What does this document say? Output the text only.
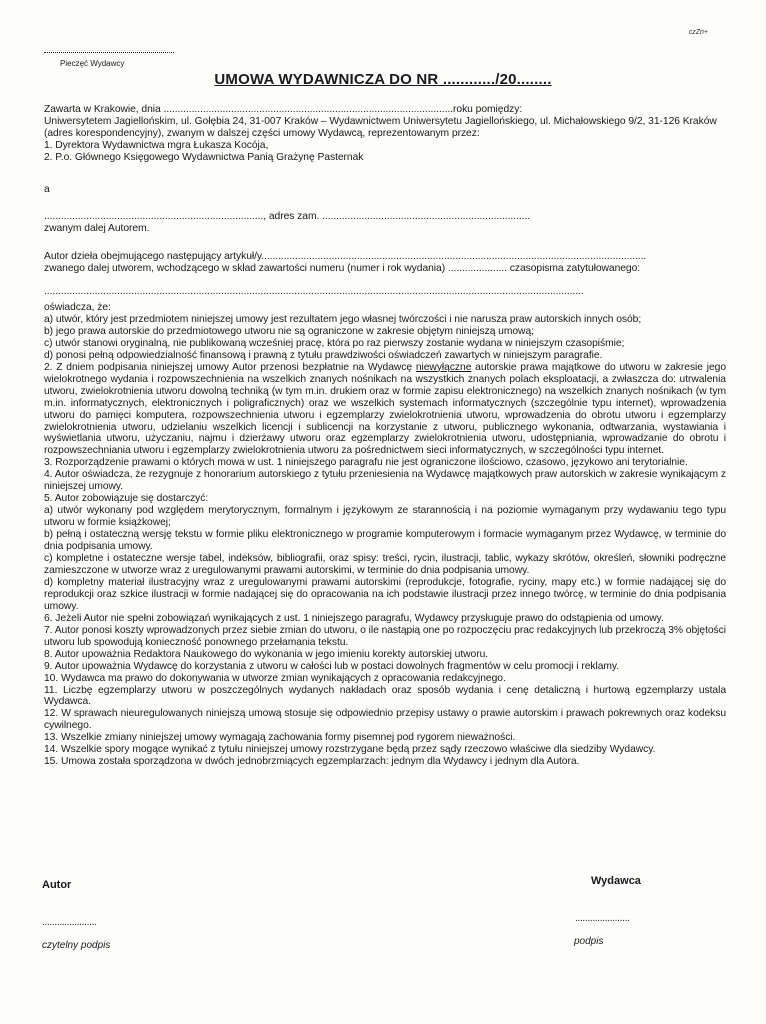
czZn+
Pieczęć Wydawcy
UMOWA WYDAWNICZA DO NR ............/20........

Zawarta w Krakowie, dnia .......................................................................................................roku pomiędzy:

Uniwersytetem Jagiellońskim, ul. Gołębia 24, 31-007 Kraków – Wydawnictwem Uniwersytetu Jagiellońskiego, ul. Michałowskiego 9/2, 31-126 Kraków (adres korespondencyjny), zwanym w dalszej części umowy Wydawcą, reprezentowanym przez:

1. Dyrektora Wydawnictwa mgra Łukasza Kocója,

2. P.o. Głównego Księgowego Wydawnictwa Panią Grażynę Pasternak

a

.............................................................................., adres zam. ..........................................................................

zwanym dalej Autorem.

Autor dzieła obejmującego następujący artykuł/y.........................................................................................................................................

zwanego dalej utworem, wchodzącego w skład zawartości numeru (numer i rok wydania) ..................... czasopisma zatytułowanego:

................................................................................................................................................................................................

oświadcza, że:

a) utwór, który jest przedmiotem niniejszej umowy jest rezultatem jego własnej twórczości i nie narusza praw autorskich innych osób;

b) jego prawa autorskie do przedmiotowego utworu nie są ograniczone w zakresie objętym niniejszą umową;

c) utwór stanowi oryginalną, nie publikowaną wcześniej pracę, która po raz pierwszy zostanie wydana w niniejszym czasopiśmie;

d) ponosi pełną odpowiedzialność finansową i prawną z tytułu prawdziwości oświadczeń zawartych w niniejszym paragrafie.

2. Z dniem podpisania niniejszej umowy Autor przenosi bezpłatnie na Wydawcę niewyłączne autorskie prawa majątkowe do utworu w zakresie jego wielokrotnego wydania i rozpowszechnienia na wszelkich znanych nośnikach na wszystkich znanych polach eksploatacji, a zwłaszcza do: utrwalenia utworu, zwielokrotnienia utworu dowolną techniką (w tym m.in. drukiem oraz w formie zapisu elektronicznego) na wszelkich znanych nośnikach (w tym m.in. informatycznych, elektronicznych i poligraficznych) oraz we wszelkich systemach informatycznych (szczególnie typu internet), wprowadzenia utworu do pamięci komputera, rozpowszechnienia utworu i egzemplarzy zwielokrotnienia utworu, wprowadzenia do obrotu utworu i egzemplarzy zwielokrotnienia utworu, udzielaniu wszelkich licencji i sublicencji na korzystanie z utworu, publicznego wykonania, odtwarzania, wystawiania i wyświetlania utworu, użyczaniu, najmu i dzierżawy utworu oraz egzemplarzy zwielokrotnienia utworu, udostępniania, wprowadzanie do obrotu i rozpowszechniania utworu i egzemplarzy zwielokrotnienia utworu za pośrednictwem sieci informatycznych, w szczególności typu internet.

3. Rozporządzenie prawami o których mowa w ust. 1 niniejszego paragrafu nie jest ograniczone ilościowo, czasowo, językowo ani terytorialnie.

4. Autor oświadcza, że rezygnuje z honorarium autorskiego z tytułu przeniesienia na Wydawcę majątkowych praw autorskich w zakresie wynikającym z niniejszej umowy.

5. Autor zobowiązuje się dostarczyć:

a) utwór wykonany pod względem merytorycznym, formalnym i językowym ze starannością i na poziomie wymaganym przy wydawaniu tego typu utworu w formie książkowej;

b) pełną i ostateczną wersję tekstu w formie pliku elektronicznego w programie komputerowym i formacie wymaganym przez Wydawcę, w terminie do dnia podpisania umowy.

c) kompletne i ostateczne wersje tabel, indeksów, bibliografii, oraz spisy: treści, rycin, ilustracji, tablic, wykazy skrótów, określeń, słowniki podręczne zamieszczone w utworze wraz z uregulowanymi prawami autorskimi, w terminie do dnia podpisania umowy.

d) kompletny materiał ilustracyjny wraz z uregulowanymi prawami autorskimi (reprodukcje, fotografie, ryciny, mapy etc.) w formie nadającej się do reprodukcji oraz szkice ilustracji w formie nadającej się do opracowania na ich podstawie ilustracji przez innego twórcę, w terminie do dnia podpisania umowy.

6. Jeżeli Autor nie spełni zobowiązań wynikających z ust. 1 niniejszego paragrafu, Wydawcy przysługuje prawo do odstąpienia od umowy.

7. Autor ponosi koszty wprowadzonych przez siebie zmian do utworu, o ile nastąpią one po rozpoczęciu prac redakcyjnych lub przekroczą 3% objętości utworu lub spowodują konieczność ponownego przełamania tekstu.

8. Autor upoważnia Redaktora Naukowego do wykonania w jego imieniu korekty autorskiej utworu.

9. Autor upoważnia Wydawcę do korzystania z utworu w całości lub w postaci dowolnych fragmentów w celu promocji i reklamy.

10. Wydawca ma prawo do dokonywania w utworze zmian wynikających z opracowania redakcyjnego.

11. Liczbę egzemplarzy utworu w poszczególnych wydanych nakładach oraz sposób wydania i cenę detaliczną i hurtową egzemplarzy ustala Wydawca.

12. W sprawach nieuregulowanych niniejszą umową stosuje się odpowiednio przepisy ustawy o prawie autorskim i prawach pokrewnych oraz kodeksu cywilnego.

13. Wszelkie zmiany niniejszej umowy wymagają zachowania formy pisemnej pod rygorem nieważności.

14. Wszelkie spory mogące wynikać z tytułu niniejszej umowy rozstrzygane będą przez sądy rzeczowo właściwe dla siedziby Wydawcy.

15. Umowa została sporządzona w dwóch jednobrzmiących egzemplarzach: jednym dla Wydawcy i jednym dla Autora.

Autor	Wydawca
......................	......................
czytelny podpis	podpis
